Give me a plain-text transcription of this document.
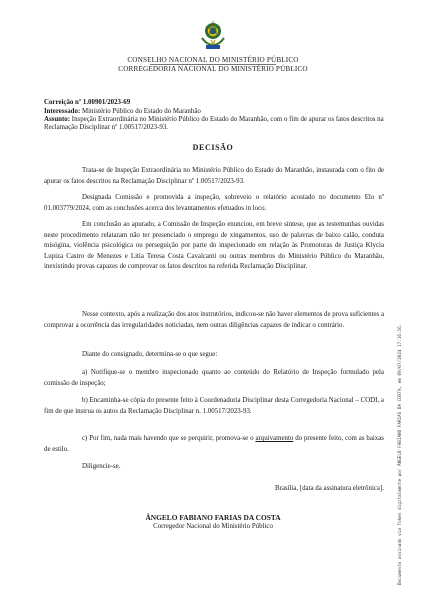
CONSELHO NACIONAL DO MINISTÉRIO PÚBLICO
CORREGEDORIA NACIONAL DO MINISTÉRIO PÚBLICO
Correição nº 1.00901/2023-69
Interessado: Ministério Público do Estado do Maranhão
Assunto: Inspeção Extraordinária no Ministério Público do Estado do Maranhão, com o fim de apurar os fatos descritos na Reclamação Disciplinar nº 1.00517/2023-93.
DECISÃO
Trata-se de Inspeção Extraordinária no Ministério Público do Estado do Maranhão, instaurada com o fito de apurar os fatos descritos na Reclamação Disciplinar nº 1.00517/2023-93.
Designada Comissão e promovida a inspeção, sobreveio o relatório acostado no documento Elo nº 01.003779/2024, com as conclusões acerca dos levantamentos efetuados in loco.
Em conclusão ao apurado, a Comissão de Inspeção enunciou, em breve síntese, que as testemunhas ouvidas neste procedimento relataram não ter presenciado o emprego de xingamentos, uso de palavras de baixo calão, conduta misógina, violência psicológica ou perseguição por parte do inspecionado em relação às Promotoras de Justiça Klycia Lupiza Castro de Menezes e Litia Teresa Costa Cavalcanti ou outras membros do Ministério Público do Maranhão, inexistindo provas capazes de comprovar os fatos descritos na referida Reclamação Disciplinar.
Nesse contexto, após a realização dos atos instrutórios, indicou-se não haver elementos de prova suficientes a comprovar a ocorrência das irregularidades noticiadas, nem outras diligências capazes de indicar o contrário.
Diante do consignado, determina-se o que segue:
a) Notifique-se o membro inspecionado quanto ao conteúdo do Relatório de Inspeção formulado pela comissão de inspeção;
b) Encaminha-se cópia do presente feito à Coordenadoria Disciplinar desta Corregedoria Nacional – CODI, a fim de que instrua os autos da Reclamação Disciplinar n. 1.00517/2023-93.
c) Por fim, nada mais havendo que se perquirir, promova-se o arquivamento do presente feito, com as baixas de estilo.
Diligencie-se.
Brasília, [data da assinatura eletrônica].
ÂNGELO FABIANO FARIAS DA COSTA
Corregedor Nacional do Ministério Público	Documento assinado via Token digitalmente por ÂNGELO FABIANO FARIAS DA COSTA, em 09/07/2024 17:16:16.
